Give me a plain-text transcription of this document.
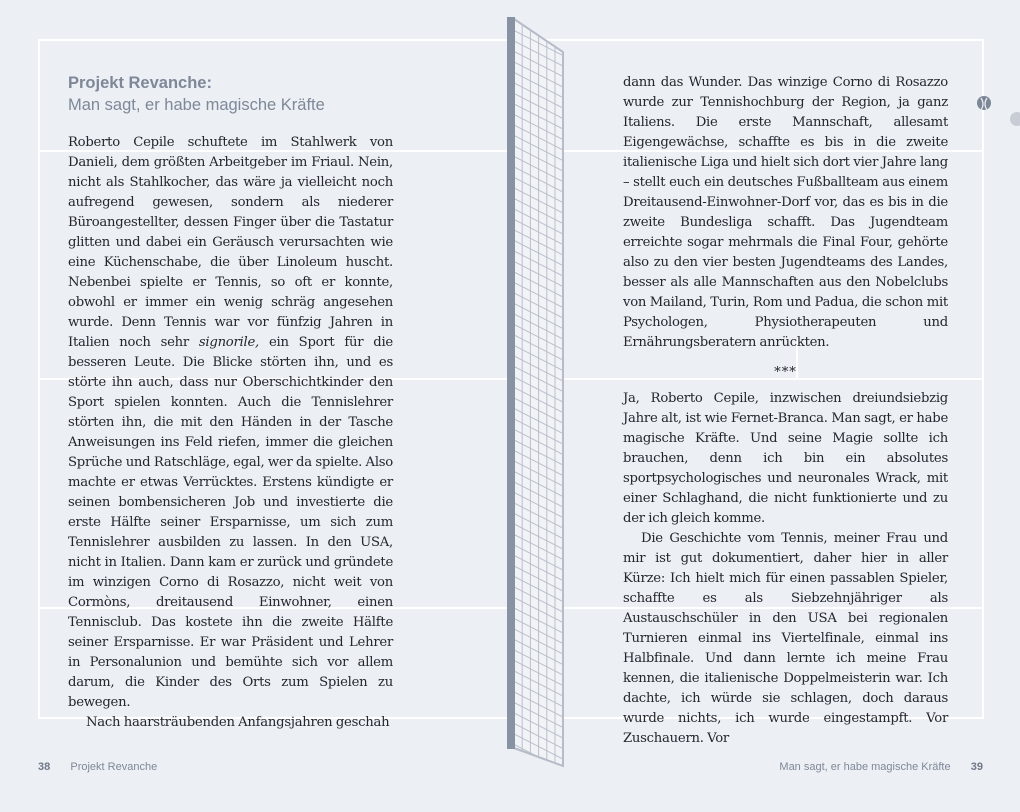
Projekt Revanche:
Man sagt, er habe magische Kräfte

Roberto Cepile schuftete im Stahlwerk von Danieli, dem größten Arbeitgeber im Friaul. Nein, nicht als Stahlkocher, das wäre ja vielleicht noch aufregend gewesen, sondern als niederer Büroangestellter, dessen Finger über die Tastatur glitten und dabei ein Geräusch verursachten wie eine Küchenschabe, die über Linoleum huscht. Nebenbei spielte er Tennis, so oft er konnte, obwohl er immer ein wenig schräg angesehen wurde. Denn Tennis war vor fünfzig Jahren in Italien noch sehr signorile, ein Sport für die besseren Leute. Die Blicke störten ihn, und es störte ihn auch, dass nur Oberschichtkinder den Sport spielen konnten. Auch die Tennislehrer störten ihn, die mit den Händen in der Tasche Anweisungen ins Feld riefen, immer die gleichen Sprüche und Ratschläge, egal, wer da spielte. Also machte er etwas Verrücktes. Erstens kündigte er seinen bombensicheren Job und investierte die erste Hälfte seiner Ersparnisse, um sich zum Tennislehrer ausbilden zu lassen. In den USA, nicht in Italien. Dann kam er zurück und gründete im winzigen Corno di Rosazzo, nicht weit von Cormòns, dreitausend Einwohner, einen Tennisclub. Das kostete ihn die zweite Hälfte seiner Ersparnisse. Er war Präsident und Lehrer in Personalunion und bemühte sich vor allem darum, die Kinder des Orts zum Spielen zu bewegen.

Nach haarsträubenden Anfangsjahren geschah

dann das Wunder. Das winzige Corno di Rosazzo wurde zur Tennishochburg der Region, ja ganz Italiens. Die erste Mannschaft, allesamt Eigengewächse, schaffte es bis in die zweite italienische Liga und hielt sich dort vier Jahre lang – stellt euch ein deutsches Fußballteam aus einem Dreitausend-Einwohner-Dorf vor, das es bis in die zweite Bundesliga schafft. Das Jugendteam erreichte sogar mehrmals die Final Four, gehörte also zu den vier besten Jugendteams des Landes, besser als alle Mannschaften aus den Nobelclubs von Mailand, Turin, Rom und Padua, die schon mit Psychologen, Physiotherapeuten und Ernährungsberatern anrückten.

***

Ja, Roberto Cepile, inzwischen dreiundsiebzig Jahre alt, ist wie Fernet-Branca. Man sagt, er habe magische Kräfte. Und seine Magie sollte ich brauchen, denn ich bin ein absolutes sportpsychologisches und neuronales Wrack, mit einer Schlaghand, die nicht funktionierte und zu der ich gleich komme.

Die Geschichte vom Tennis, meiner Frau und mir ist gut dokumentiert, daher hier in aller Kürze: Ich hielt mich für einen passablen Spieler, schaffte es als Siebzehnjähriger als Austauschschüler in den USA bei regionalen Turnieren einmal ins Viertelfinale, einmal ins Halbfinale. Und dann lernte ich meine Frau kennen, die italienische Doppelmeisterin war. Ich dachte, ich würde sie schlagen, doch daraus wurde nichts, ich wurde eingestampft. Vor Zuschauern. Vor

38 Projekt Revanche	Man sagt, er habe magische Kräfte 39
